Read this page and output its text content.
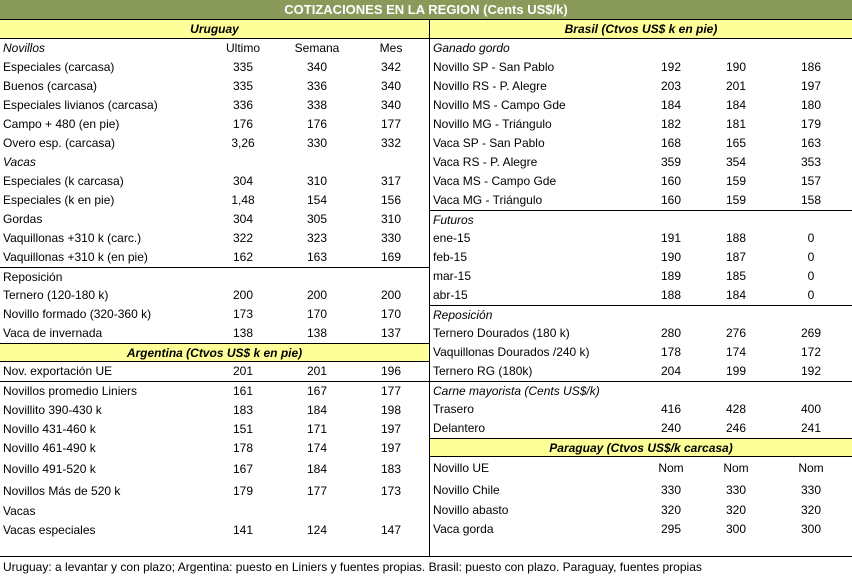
COTIZACIONES EN LA REGION (Cents US$/k)
Uruguay
Novillos	Ultimo	Semana	Mes
Especiales (carcasa)	335	340	342
Buenos (carcasa)	335	336	340
Especiales livianos (carcasa)	336	338	340
Campo + 480 (en pie)	176	176	177
Overo esp. (carcasa)	3,26	330	332
Vacas
Especiales (k carcasa)	304	310	317
Especiales (k en pie)	1,48	154	156
Gordas	304	305	310
Vaquillonas +310 k (carc.)	322	323	330
Vaquillonas +310 k (en pie)	162	163	169
Reposición
Ternero (120-180 k)	200	200	200
Novillo formado (320-360 k)	173	170	170
Vaca de invernada	138	138	137
Argentina (Ctvos US$ k en pie)
Nov. exportación UE	201	201	196
Novillos promedio Liniers	161	167	177
Novillito 390-430 k	183	184	198
Novillo 431-460 k	151	171	197
Novillo 461-490 k	178	174	197
Novillo 491-520 k	167	184	183
Novillos Más de 520 k	179	177	173
Vacas
Vacas especiales	141	124	147
Brasil (Ctvos US$ k en pie)
Ganado gordo
Novillo SP - San Pablo	192	190	186
Novillo RS - P. Alegre	203	201	197
Novillo MS - Campo Gde	184	184	180
Novillo MG - Triángulo	182	181	179
Vaca SP - San Pablo	168	165	163
Vaca RS - P. Alegre	359	354	353
Vaca MS - Campo Gde	160	159	157
Vaca MG - Triángulo	160	159	158
Futuros
ene-15	191	188	0
feb-15	190	187	0
mar-15	189	185	0
abr-15	188	184	0
Reposición
Ternero Dourados (180 k)	280	276	269
Vaquillonas Dourados /240 k)	178	174	172
Ternero RG (180k)	204	199	192
Carne mayorista (Cents US$/k)
Trasero	416	428	400
Delantero	240	246	241
Paraguay (Ctvos US$/k carcasa)
Novillo UE	Nom	Nom	Nom
Novillo Chile	330	330	330
Novillo abasto	320	320	320
Vaca gorda	295	300	300
Uruguay: a levantar y con plazo; Argentina: puesto en Liniers y fuentes propias. Brasil: puesto con plazo. Paraguay, fuentes propias
